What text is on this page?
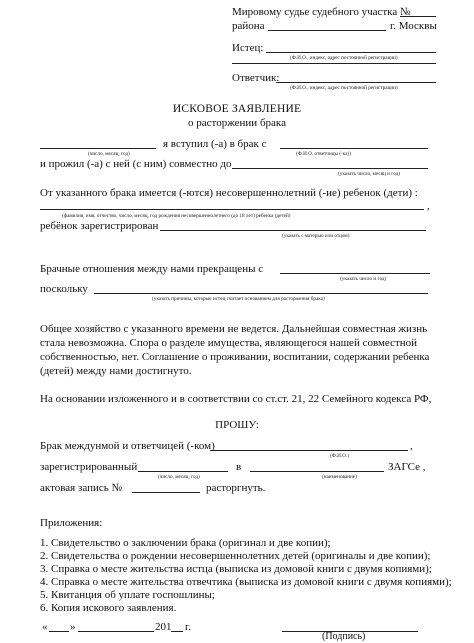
Мировому судье судебного участка №
района	г. Москвы
Истец:
(Ф.И.О., индекс, адрес постоянной регистрации)
Ответчик:
(Ф.И.О., индекс, адрес постоянной регистрации)
ИСКОВОЕ ЗАЯВЛЕНИЕ
о расторжении брака
я вступил (-а) в брак с
(число, месяц, год)	(Ф.И.О. ответчицы (-ка))
и прожил (-а) с ней (с ним) совместно до
(указать число, месяц и год)
От указанного брака имеется (-ются) несовершеннолетний (-ие) ребенок (дети) :
,
(фамилия, имя, отчество, число, месяц, год рождения несовершеннолетнего (до 18 лет) ребенка (детей)
ребёнок зарегистрирован
(указать с матерью или отцом)
Брачные отношения между нами прекращены с
(указать число и год)
поскольку
(указать причины, которые истец считает основанием для расторжения брака)
Общее хозяйство с указанного времени не ведется. Дальнейшая совместная жизнь стала невозможна. Спора о разделе имущества, являющегося нашей совместной собственностью, нет. Соглашение о проживании, воспитании, содержании ребенка (детей) между нами достигнуто.
На основании изложенного и в соответствии со ст.ст. 21, 22 Семейного кодекса РФ,
ПРОШУ:
Брак междунмой и ответчицей (-ком)	,
(Ф.И.О.)
зарегистрированный	в	ЗАГСе ,
(число, месяц, год)	(наименование)
актовая запись №	расторгнуть.
Приложения:
1. Свидетельство о заключении брака (оригинал и две копии);
2. Свидетельства о рождении несовершеннолетних детей (оригиналы и две копии);
3. Справка о месте жительства истца (выписка из домовой книги с двумя копиями);
4. Справка о месте жительства отвечтика (выписка из домовой книги с двумя копиями);
5. Квитанция об уплате госпошлины;
6. Копия искового заявления.
« »	201 г.
(Подпись)
